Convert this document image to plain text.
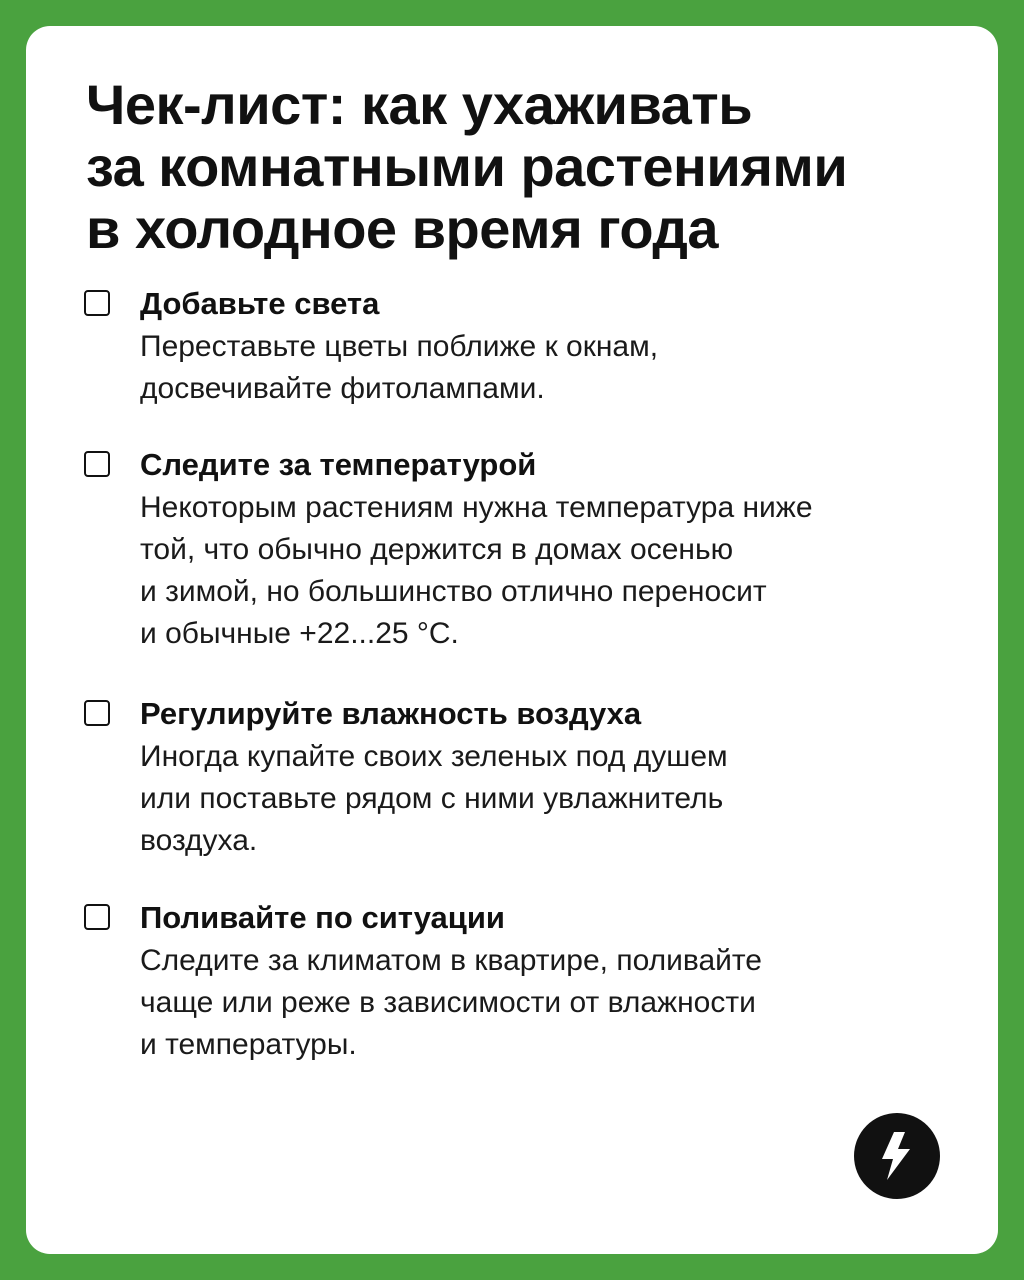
Чек-лист: как ухаживать
за комнатными растениями
в холодное время года

Добавьте света

Переставьте цветы поближе к окнам,
досвечивайте фитолампами.

Следите за температурой

Некоторым растениям нужна температура ниже
той, что обычно держится в домах осенью
и зимой, но большинство отлично переносит
и обычные +22...25 °C.

Регулируйте влажность воздуха

Иногда купайте своих зеленых под душем
или поставьте рядом с ними увлажнитель
воздуха.

Поливайте по ситуации

Следите за климатом в квартире, поливайте
чаще или реже в зависимости от влажности
и температуры.
